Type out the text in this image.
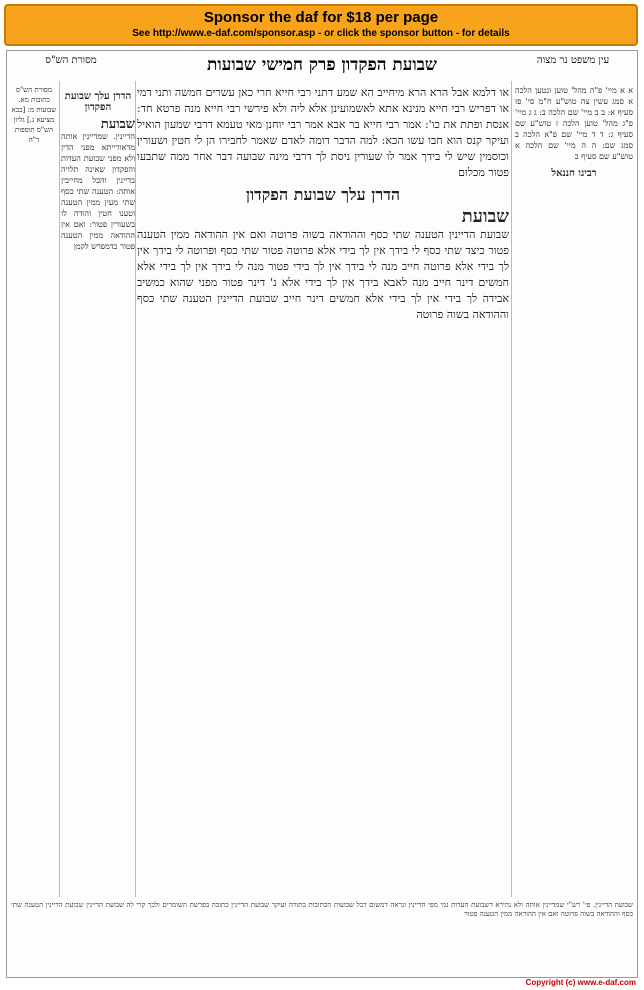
Sponsor the daf for $18 per page
See http://www.e-daf.com/sponsor.asp - or click the sponsor button - for details
עין משפט נר מצוה
שבועת הפקדון פרק חמישי שבועות
מסורת הש"ס
או דלמא אבל הרא הרא מיחייב הא שמע דתני רבי חייא חרי כאן עשרים חמשה ותני דמי או דפריש רבי חייא מנינא אתא לאשמועינן אלא ליה ולא פירשי רבי חייא מנה פרטא חד: אנסת ופתת את כו': אמר רבי חייא בר אבא אמר רבי יוחנן מאי טעמא דרבי שמעון הואיל ועיקר קנס הוא חבו עשו הכא: למה הדבר דומה לאדם שאמר לחבירו הן לי חטין ושעורין וכוסמין שיש לי בידך אמר לו שעורין ניסת לך דרבי מינה שבועה דבר אחר ממה שתבעו פטור מכלום
הדרן עלך שבועת הפקדון
שבועת
שבועת הדיינין הטענה שתי כסף וההודאה בשוה פרוטה ואם אין ההודאה ממין הטענה פטור כיצד שתי כסף לי בידך אין לך בידי אלא פרוטה פטור שתי כסף ופרוטה לי בידך אין לך בידי אלא פרוטה חייב מנה לי בידך אין לך בידי פטור מנה לי בידך אין לך בידי אלא חמשים דינר חייב מנה לאבא בידך אין לך בידי אלא נ' דינר פטור מפני שהוא כמשיב אבידה לך בידי אין לך בידי אלא חמשים דינר חייב שבועת הדיינין הטענה שתי כסף וההודאה בשוה פרוטה
הדרן עלך שבועת הפקדון
שבועת
הדיינין. שמדיינין אותה מדאורייתא מפני הדין ולא מפני שבועת העדות והפקדון שאינה תלויה בדיינין והכל מחייבין אותה: הטענה שתי כסף שתי מעין ממין הטענה וטענו חטין והודה לו בשעורין פטור: ואם אין ההודאה ממין הטענה פטור כדמפרש לקמן
א א מיי' פ"ה מהל' טוען ונטען הלכה א סמג עשין צה טוש"ע ח"מ סי' פז סעיף א: ב ב מיי' שם הלכה ב: ג ג מיי' פ"ג מהל' טוען הלכה ז טוש"ע שם סעיף ג: ד ד מיי' שם פ"א הלכה ב סמג שם: ה ה מיי' שם הלכה א טוש"ע שם סעיף ב
רבינו חננאל
מסורת הש"ס כתובות מא. שבועות מ: [בבא מציעא ג.] גליון הש"ס תוספות ד"ה
שבועת הדיינין. פי' רש"י שמדיינין אותה ולא נהירא דשבועת העדות נמי מפי הדיינין ונראה דמשום דכל שבועות הכתובות בתורה ועיקר שבועת הדיינין כתובה בפרשת השומרים ולכך קרי לה שבועת הדיינין שבועת הדיינין הטענה שתי כסף וההודאה בשוה פרוטה ואם אין ההודאה ממין הטענה פטור
Copyright (c) www.e-daf.com
